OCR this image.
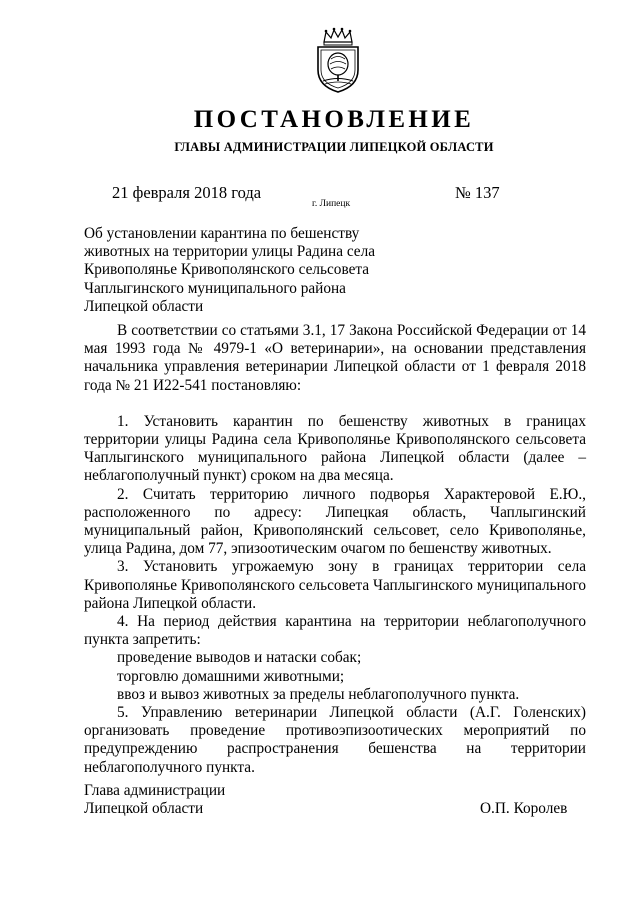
ПОСТАНОВЛЕНИЕ
ГЛАВЫ АДМИНИСТРАЦИИ ЛИПЕЦКОЙ ОБЛАСТИ
21 февраля 2018 года
г. Липецк
№ 137
Об установлении карантина по бешенству животных на территории улицы Радина села Кривополянье Кривополянского сельсовета Чаплыгинского муниципального района Липецкой области

В соответствии со статьями 3.1, 17 Закона Российской Федерации от 14 мая 1993 года № 4979-1 «О ветеринарии», на основании представления начальника управления ветеринарии Липецкой области от 1 февраля 2018 года № 21 И22-541 постановляю:

1. Установить карантин по бешенству животных в границах территории улицы Радина села Кривополянье Кривополянского сельсовета Чаплыгинского муниципального района Липецкой области (далее – неблагополучный пункт) сроком на два месяца.

2. Считать территорию личного подворья Характеровой Е.Ю., расположенного по адресу: Липецкая область, Чаплыгинский муниципальный район, Кривополянский сельсовет, село Кривополянье, улица Радина, дом 77, эпизоотическим очагом по бешенству животных.

3. Установить угрожаемую зону в границах территории села Кривополянье Кривополянского сельсовета Чаплыгинского муниципального района Липецкой области.

4. На период действия карантина на территории неблагополучного пункта запретить:

проведение выводов и натаски собак;

торговлю домашними животными;

ввоз и вывоз животных за пределы неблагополучного пункта.

5. Управлению ветеринарии Липецкой области (А.Г. Голенских) организовать проведение противоэпизоотических мероприятий по предупреждению распространения бешенства на территории неблагополучного пункта.

Глава администрации
Липецкой области	О.П. Королев
